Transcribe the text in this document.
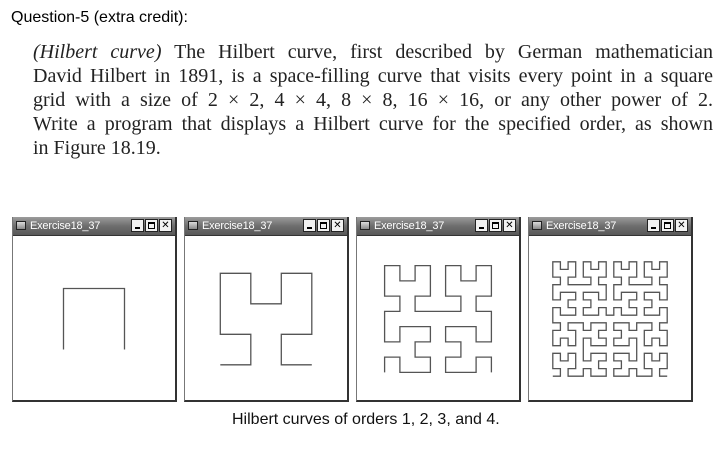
Question-5 (extra credit):
(Hilbert curve) The Hilbert curve, first described by German mathematician
David Hilbert in 1891, is a space-filling curve that visits every point in a square
grid with a size of 2 × 2, 4 × 4, 8 × 8, 16 × 16, or any other power of 2.
Write a program that displays a Hilbert curve for the specified order, as shown
in Figure 18.19.
Exercise18_37	✕	Exercise18_37	✕	Exercise18_37	✕	Exercise18_37	✕
Hilbert curves of orders 1, 2, 3, and 4.
